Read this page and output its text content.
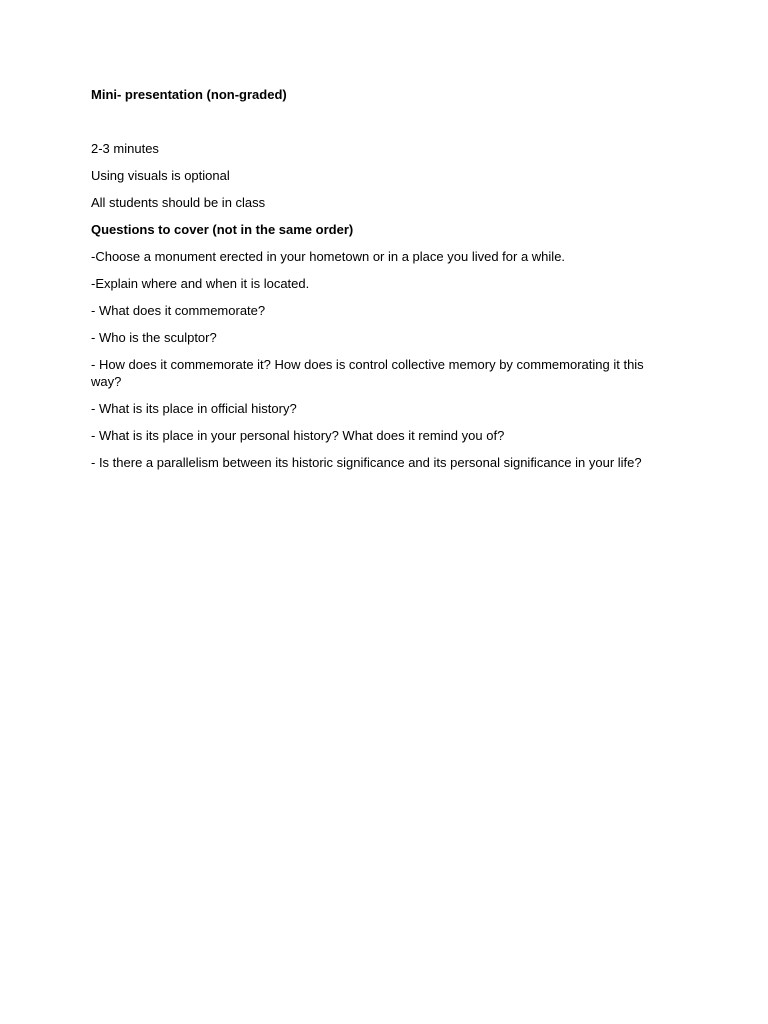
Mini- presentation (non-graded)

2-3 minutes

Using visuals is optional

All students should be in class

Questions to cover (not in the same order)

-Choose a monument erected in your hometown or in a place you lived for a while.

-Explain where and when it is located.

- What does it commemorate?

- Who is the sculptor?

- How does it commemorate it? How does is control collective memory by commemorating it this way?

- What is its place in official history?

- What is its place in your personal history? What does it remind you of?

- Is there a parallelism between its historic significance and its personal significance in your life?
